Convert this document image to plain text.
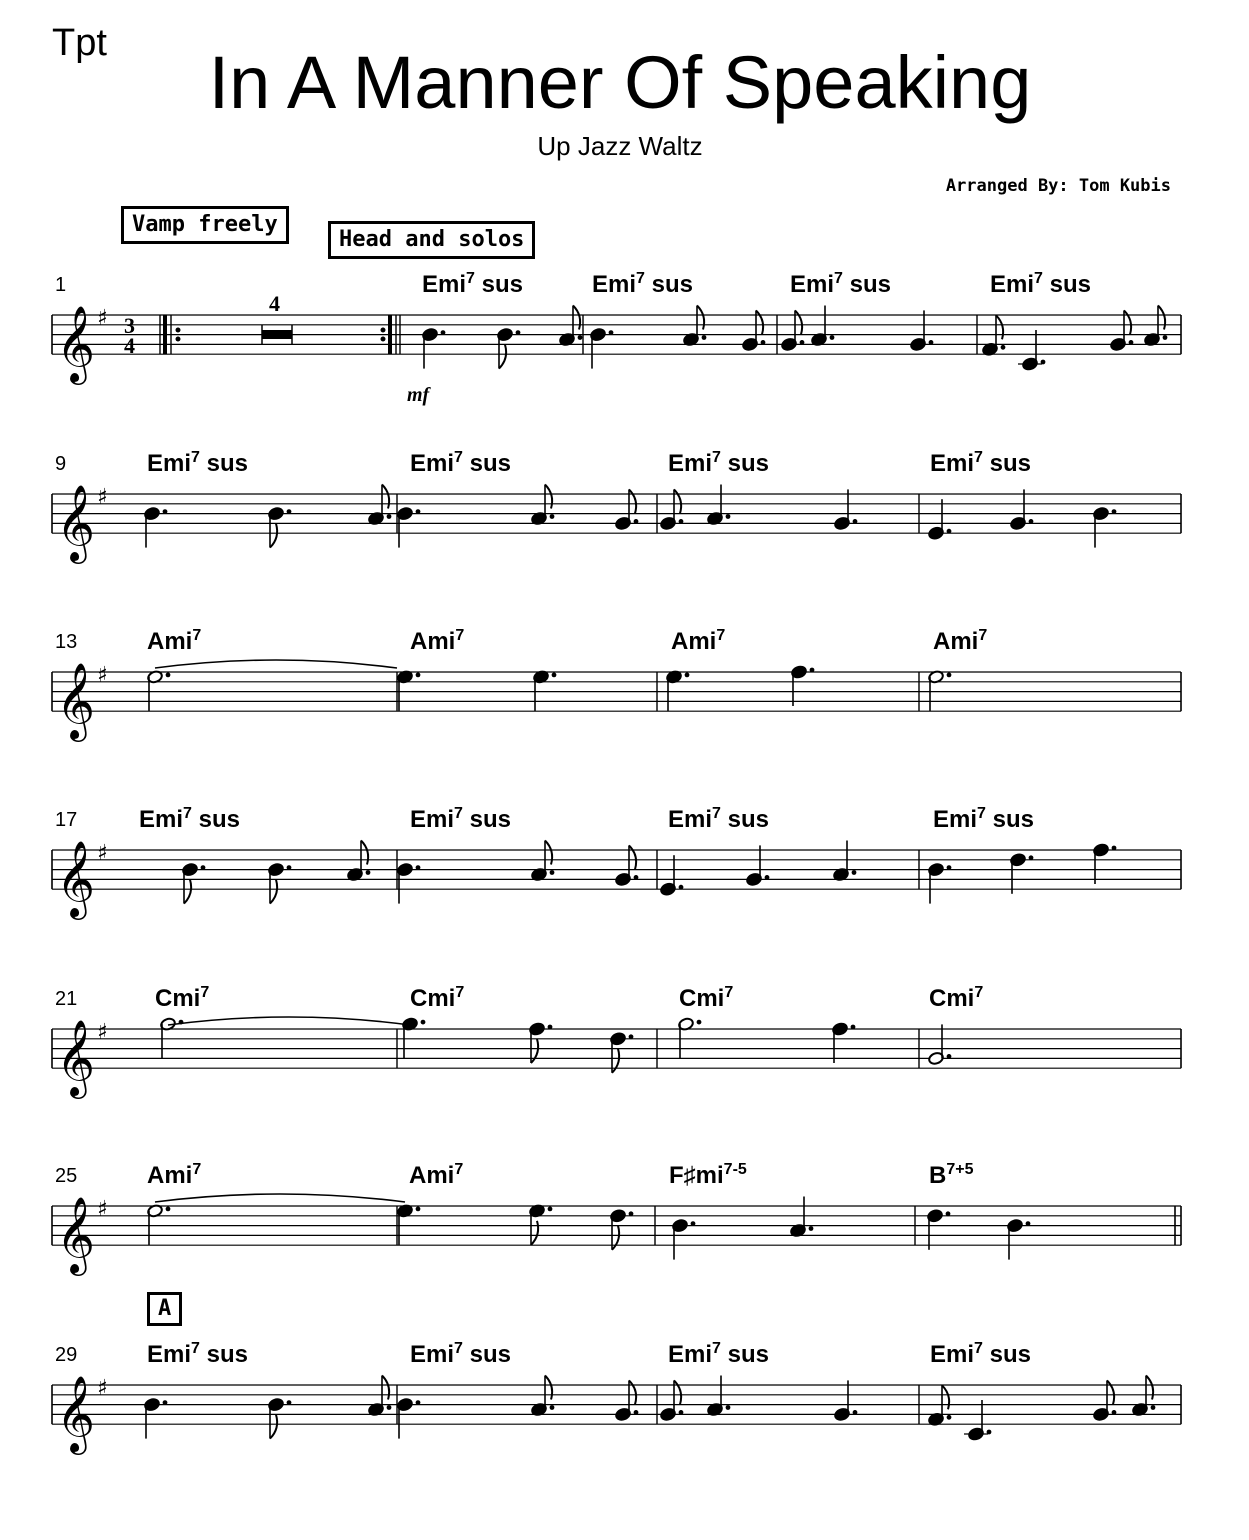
Tpt	In A Manner Of Speaking
Up Jazz Waltz
Arranged By: Tom Kubis
Vamp freely
Head and solos
A
𝄞 ♯
1	Emi$^7$ sus	Emi$^7$ sus	Emi$^7$ sus	Emi$^7$ sus
𝄞 ♯
9	Emi$^7$ sus	Emi$^7$ sus	Emi$^7$ sus	Emi$^7$ sus
𝄞 ♯
13	Ami$^7$	Ami$^7$	Ami$^7$	Ami$^7$
𝄞 ♯
17	Emi$^7$ sus	Emi$^7$ sus	Emi$^7$ sus	Emi$^7$ sus
𝄞 ♯
21	Cmi$^7$	Cmi$^7$	Cmi$^7$	Cmi$^7$
𝄞 ♯
25	Ami$^7$	Ami$^7$	$F♯mi^{7-5}$	$B^{7+5}$
𝄞 ♯
29	Emi$^7$ sus	Emi$^7$ sus	Emi$^7$ sus	Emi$^7$ sus
3
4
4
mf
